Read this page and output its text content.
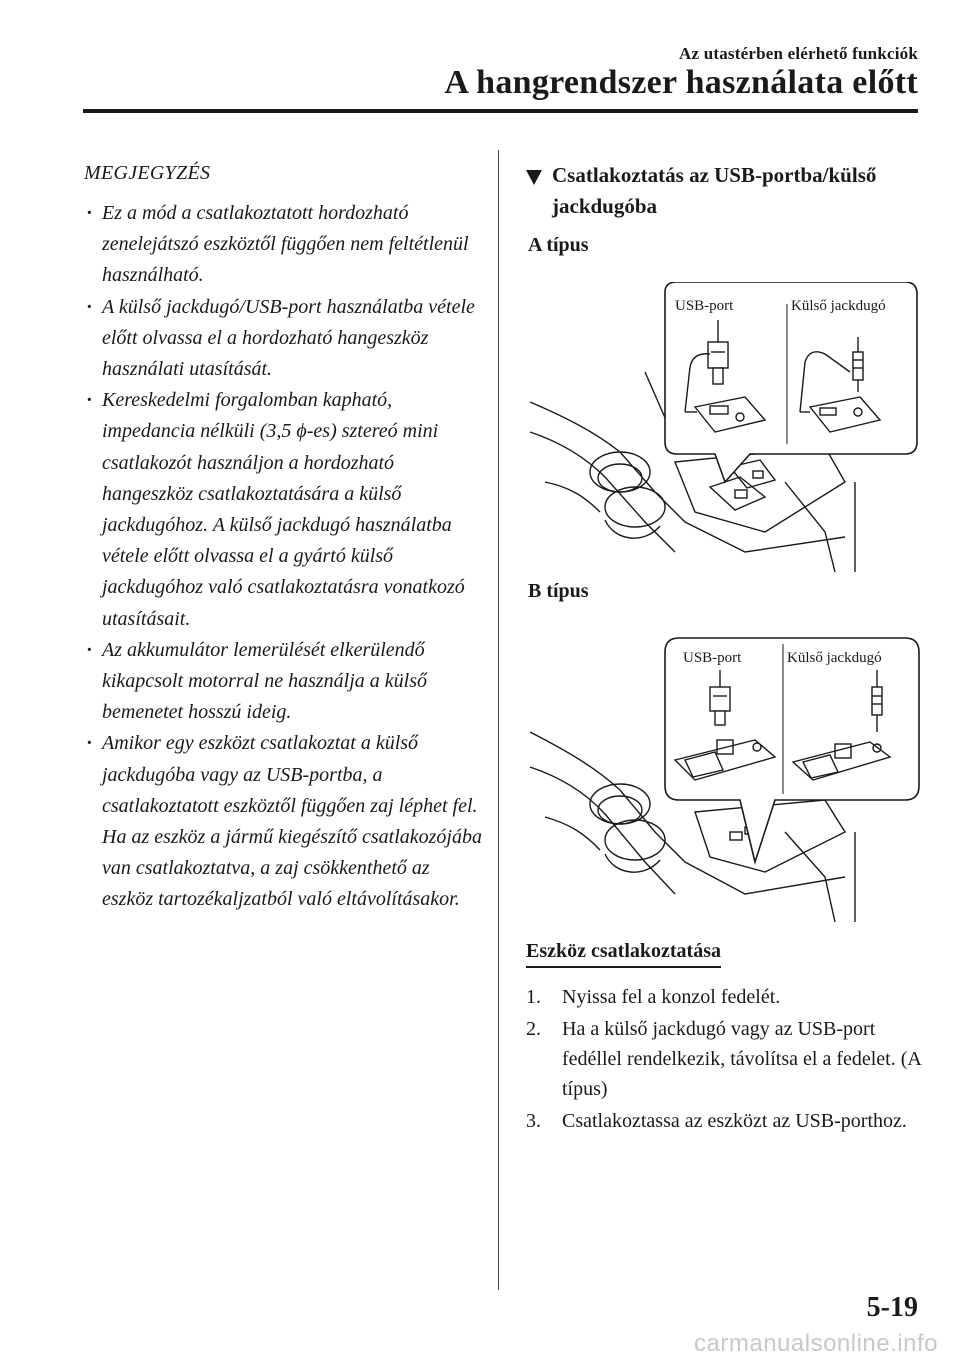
Az utastérben elérhető funkciók
A hangrendszer használata előtt
MEGJEGYZÉS
· Ez a mód a csatlakoztatott hordozható zenelejátszó eszköztől függően nem feltétlenül használható.
· A külső jackdugó/USB-port használatba vétele előtt olvassa el a hordozható hangeszköz használati utasítását.
· Kereskedelmi forgalomban kapható, impedancia nélküli (3,5 ϕ-es) sztereó mini csatlakozót használjon a hordozható hangeszköz csatlakoztatására a külső jackdugóhoz. A külső jackdugó használatba vétele előtt olvassa el a gyártó külső jackdugóhoz való csatlakoztatásra vonatkozó utasításait.
· Az akkumulátor lemerülését elkerülendő kikapcsolt motorral ne használja a külső bemenetet hosszú ideig.
· Amikor egy eszközt csatlakoztat a külső jackdugóba vagy az USB-portba, a csatlakoztatott eszköztől függően zaj léphet fel. Ha az eszköz a jármű kiegészítő csatlakozójába van csatlakoztatva, a zaj csökkenthető az eszköz tartozékaljzatból való eltávolításakor.
Csatlakoztatás az USB-portba/külső jackdugóba
A típus
USB-port	Külső jackdugó
B típus
USB-port	Külső jackdugó
Eszköz csatlakoztatása
1. Nyissa fel a konzol fedelét.
2. Ha a külső jackdugó vagy az USB-port fedéllel rendelkezik, távolítsa el a fedelet. (A típus)
3. Csatlakoztassa az eszközt az USB-porthoz.
5-19
carmanualsonline.info
